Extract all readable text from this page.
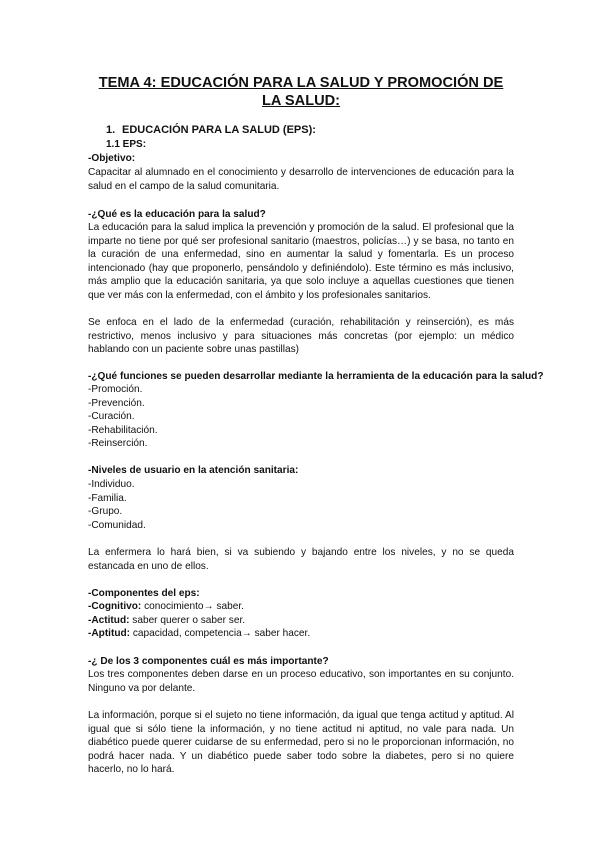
TEMA 4: EDUCACIÓN PARA LA SALUD Y PROMOCIÓN DE LA SALUD:
1. EDUCACIÓN PARA LA SALUD (EPS):
1.1 EPS:
-Objetivo:
Capacitar al alumnado en el conocimiento y desarrollo de intervenciones de educación para la salud en el campo de la salud comunitaria.
-¿Qué es la educación para la salud?
La educación para la salud implica la prevención y promoción de la salud. El profesional que la imparte no tiene por qué ser profesional sanitario (maestros, policías…) y se basa, no tanto en la curación de una enfermedad, sino en aumentar la salud y fomentarla. Es un proceso intencionado (hay que proponerlo, pensándolo y definiéndolo). Este término es más inclusivo, más amplio que la educación sanitaria, ya que solo incluye a aquellas cuestiones que tienen que ver más con la enfermedad, con el ámbito y los profesionales sanitarios.
Se enfoca en el lado de la enfermedad (curación, rehabilitación y reinserción), es más restrictivo, menos inclusivo y para situaciones más concretas (por ejemplo: un médico hablando con un paciente sobre unas pastillas)
-¿Qué funciones se pueden desarrollar mediante la herramienta de la educación para la salud?
-Promoción.
-Prevención.
-Curación.
-Rehabilitación.
-Reinserción.
-Niveles de usuario en la atención sanitaria:
-Individuo.
-Familia.
-Grupo.
-Comunidad.
La enfermera lo hará bien, si va subiendo y bajando entre los niveles, y no se queda estancada en uno de ellos.
-Componentes del eps:
-Cognitivo: conocimiento→ saber.
-Actitud: saber querer o saber ser.
-Aptitud: capacidad, competencia→ saber hacer.
-¿ De los 3 componentes cuál es más importante?
Los tres componentes deben darse en un proceso educativo, son importantes en su conjunto. Ninguno va por delante.
La información, porque si el sujeto no tiene información, da igual que tenga actitud y aptitud. Al igual que si sólo tiene la información, y no tiene actitud ni aptitud, no vale para nada. Un diabético puede querer cuidarse de su enfermedad, pero si no le proporcionan información, no podrá hacer nada. Y un diabético puede saber todo sobre la diabetes, pero si no quiere hacerlo, no lo hará.
